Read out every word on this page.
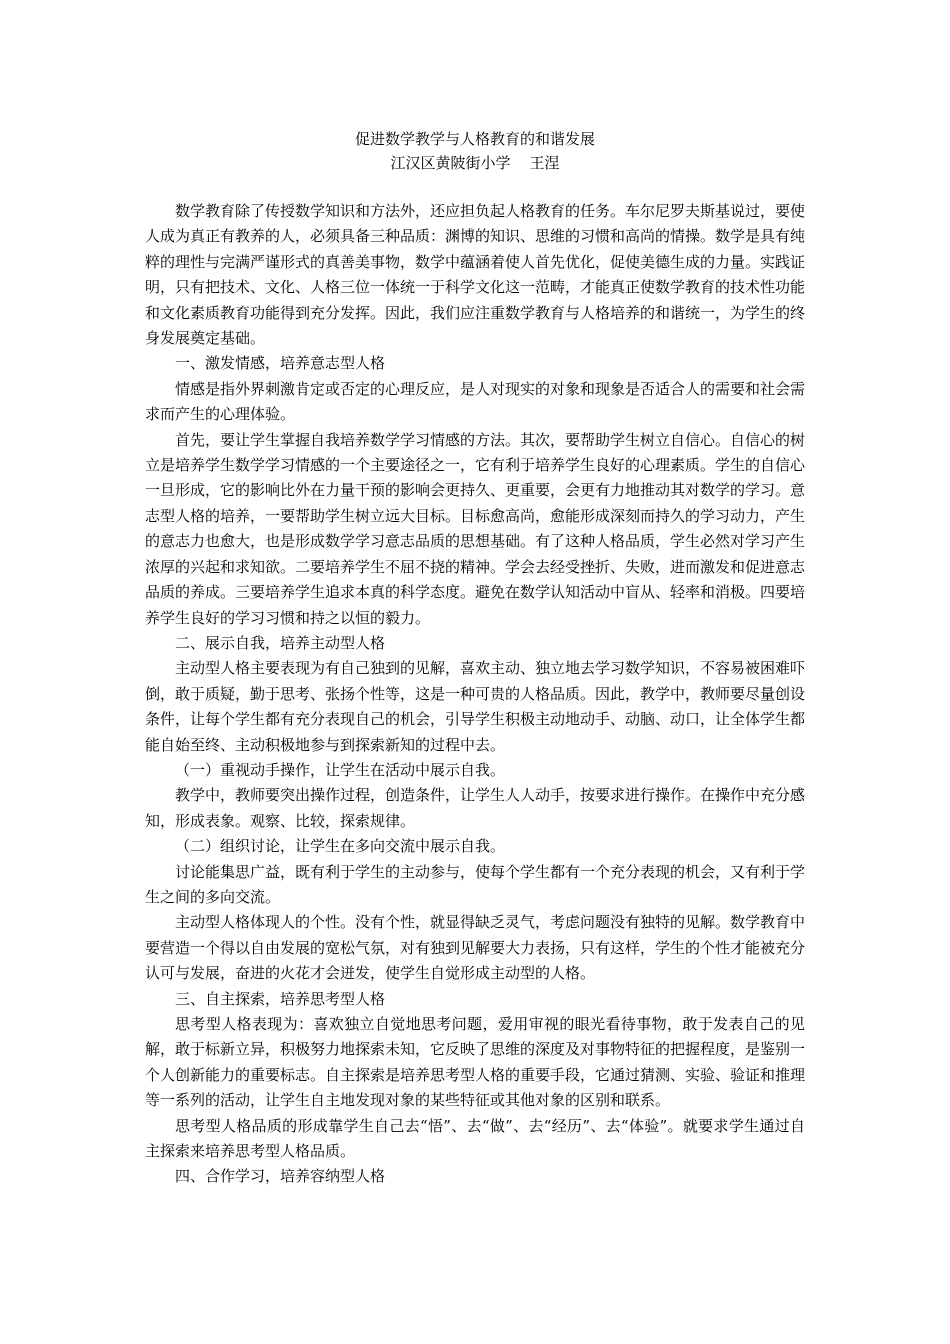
促进数学教学与人格教育的和谐发展

江汉区黄陂街小学    王涅

数学教育除了传授数学知识和方法外，还应担负起人格教育的任务。车尔尼罗夫斯基说过，要使人成为真正有教养的人，必须具备三种品质：渊博的知识、思维的习惯和高尚的情操。数学是具有纯粹的理性与完满严谨形式的真善美事物，数学中蕴涵着使人首先优化，促使美德生成的力量。实践证明，只有把技术、文化、人格三位一体统一于科学文化这一范畴，才能真正使数学教育的技术性功能和文化素质教育功能得到充分发挥。因此，我们应注重数学教育与人格培养的和谐统一，为学生的终身发展奠定基础。

一、激发情感，培养意志型人格

情感是指外界刺激肯定或否定的心理反应，是人对现实的对象和现象是否适合人的需要和社会需求而产生的心理体验。

首先，要让学生掌握自我培养数学学习情感的方法。其次，要帮助学生树立自信心。自信心的树立是培养学生数学学习情感的一个主要途径之一，它有利于培养学生良好的心理素质。学生的自信心一旦形成，它的影响比外在力量干预的影响会更持久、更重要，会更有力地推动其对数学的学习。意志型人格的培养，一要帮助学生树立远大目标。目标愈高尚，愈能形成深刻而持久的学习动力，产生的意志力也愈大，也是形成数学学习意志品质的思想基础。有了这种人格品质，学生必然对学习产生浓厚的兴起和求知欲。二要培养学生不屈不挠的精神。学会去经受挫折、失败，进而激发和促进意志品质的养成。三要培养学生追求本真的科学态度。避免在数学认知活动中盲从、轻率和消极。四要培养学生良好的学习习惯和持之以恒的毅力。

二、展示自我，培养主动型人格

主动型人格主要表现为有自己独到的见解，喜欢主动、独立地去学习数学知识，不容易被困难吓倒，敢于质疑，勤于思考、张扬个性等，这是一种可贵的人格品质。因此，教学中，教师要尽量创设条件，让每个学生都有充分表现自己的机会，引导学生积极主动地动手、动脑、动口，让全体学生都能自始至终、主动积极地参与到探索新知的过程中去。

（一）重视动手操作，让学生在活动中展示自我。

教学中，教师要突出操作过程，创造条件，让学生人人动手，按要求进行操作。在操作中充分感知，形成表象。观察、比较，探索规律。

（二）组织讨论，让学生在多向交流中展示自我。

讨论能集思广益，既有利于学生的主动参与，使每个学生都有一个充分表现的机会，又有利于学生之间的多向交流。

主动型人格体现人的个性。没有个性，就显得缺乏灵气，考虑问题没有独特的见解。数学教育中要营造一个得以自由发展的宽松气氛，对有独到见解要大力表扬，只有这样，学生的个性才能被充分认可与发展，奋进的火花才会迸发，使学生自觉形成主动型的人格。

三、自主探索，培养思考型人格

思考型人格表现为：喜欢独立自觉地思考问题，爱用审视的眼光看待事物，敢于发表自己的见解，敢于标新立异，积极努力地探索未知，它反映了思维的深度及对事物特征的把握程度，是鉴别一个人创新能力的重要标志。自主探索是培养思考型人格的重要手段，它通过猜测、实验、验证和推理等一系列的活动，让学生自主地发现对象的某些特征或其他对象的区别和联系。

思考型人格品质的形成靠学生自己去“悟”、去“做”、去“经历”、去“体验”。就要求学生通过自主探索来培养思考型人格品质。

四、合作学习，培养容纳型人格
